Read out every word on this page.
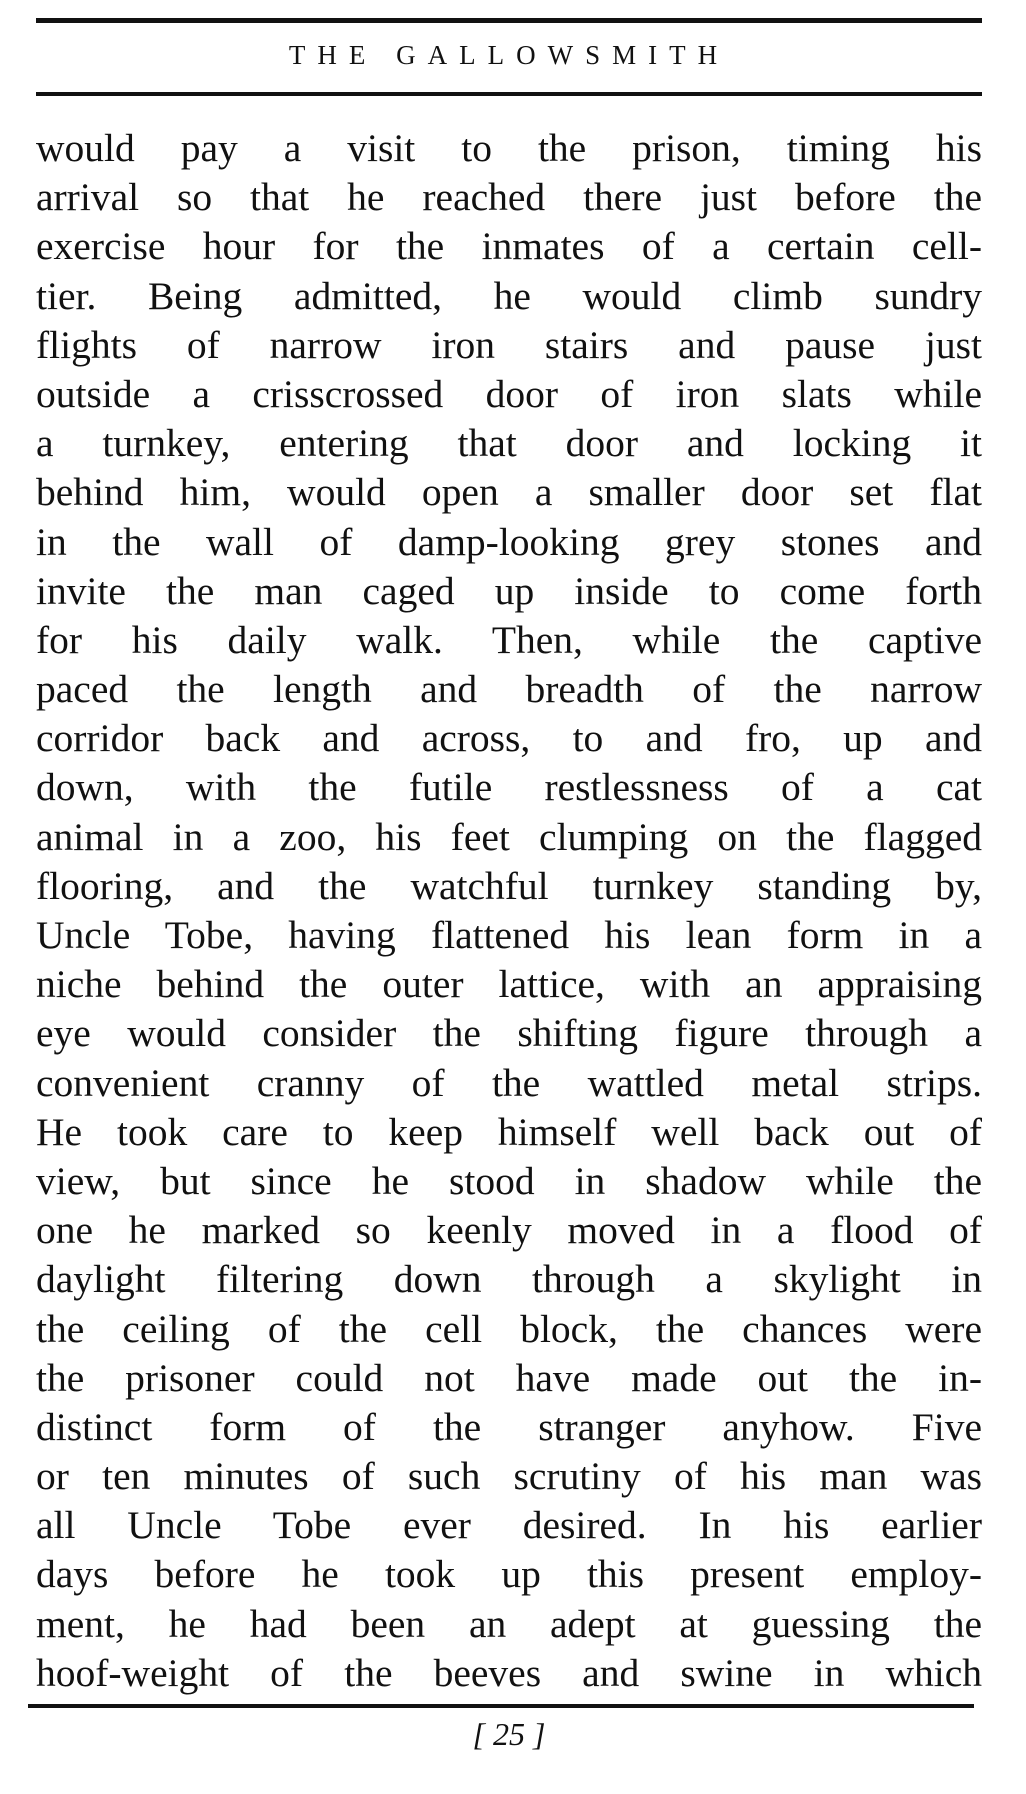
THE GALLOWSMITH
would pay a visit to the prison, timing his
arrival so that he reached there just before the
exercise hour for the inmates of a certain cell-
tier. Being admitted, he would climb sundry
flights of narrow iron stairs and pause just
outside a crisscrossed door of iron slats while
a turnkey, entering that door and locking it
behind him, would open a smaller door set flat
in the wall of damp-looking grey stones and
invite the man caged up inside to come forth
for his daily walk. Then, while the captive
paced the length and breadth of the narrow
corridor back and across, to and fro, up and
down, with the futile restlessness of a cat
animal in a zoo, his feet clumping on the flagged
flooring, and the watchful turnkey standing by,
Uncle Tobe, having flattened his lean form in a
niche behind the outer lattice, with an appraising
eye would consider the shifting figure through a
convenient cranny of the wattled metal strips.
He took care to keep himself well back out of
view, but since he stood in shadow while the
one he marked so keenly moved in a flood of
daylight filtering down through a skylight in
the ceiling of the cell block, the chances were
the prisoner could not have made out the in-
distinct form of the stranger anyhow. Five
or ten minutes of such scrutiny of his man was
all Uncle Tobe ever desired. In his earlier
days before he took up this present employ-
ment, he had been an adept at guessing the
hoof-weight of the beeves and swine in which
[ 25 ]
